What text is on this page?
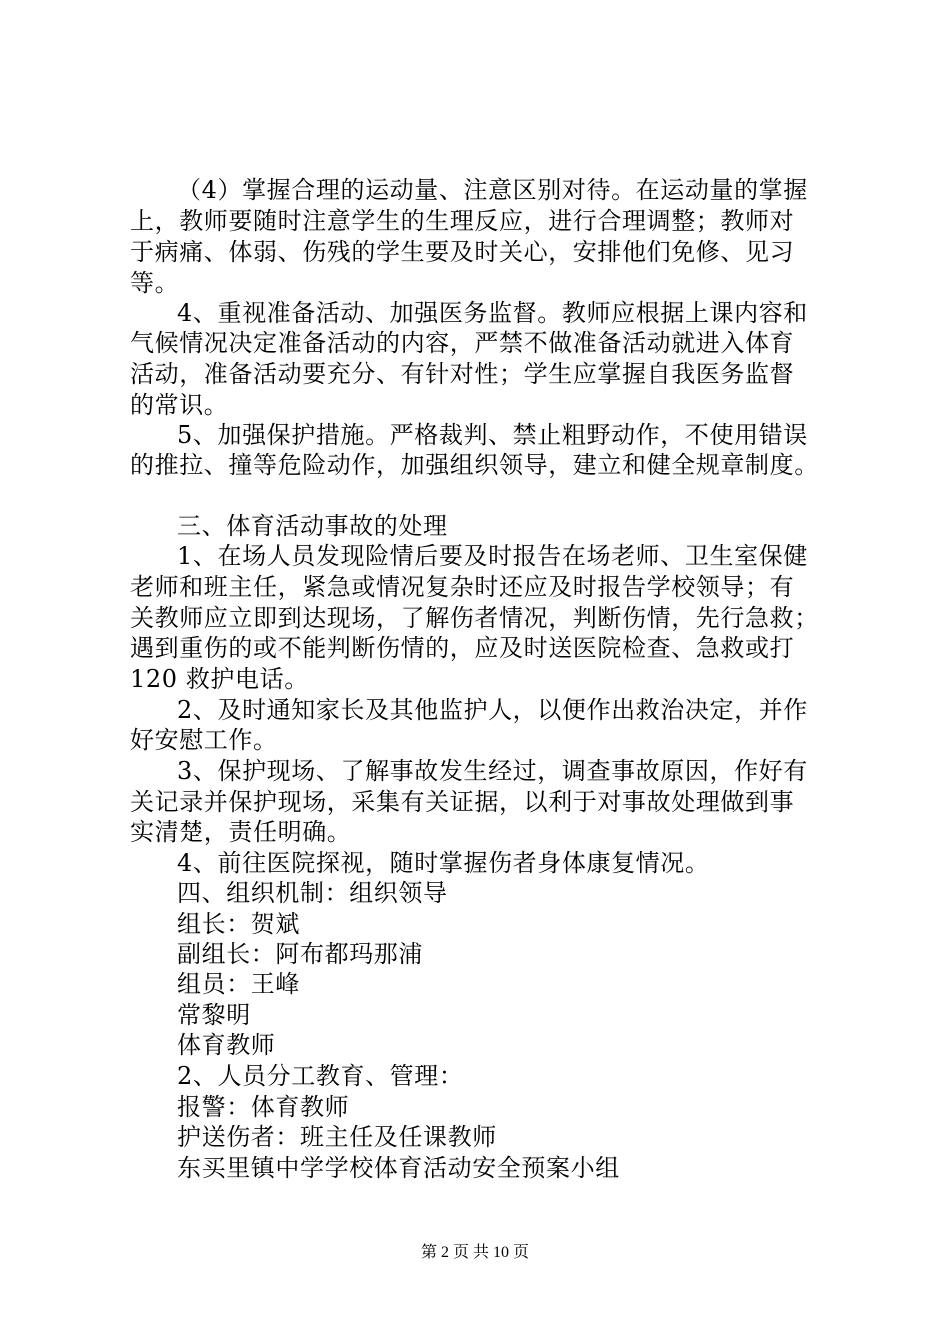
（4）掌握合理的运动量、注意区别对待。在运动量的掌握
上，教师要随时注意学生的生理反应，进行合理调整；教师对
于病痛、体弱、伤残的学生要及时关心，安排他们免修、见习
等。
4、重视准备活动、加强医务监督。教师应根据上课内容和
气候情况决定准备活动的内容，严禁不做准备活动就进入体育
活动，准备活动要充分、有针对性；学生应掌握自我医务监督
的常识。
5、加强保护措施。严格裁判、禁止粗野动作，不使用错误
的推拉、撞等危险动作，加强组织领导，建立和健全规章制度。
三、体育活动事故的处理
1、在场人员发现险情后要及时报告在场老师、卫生室保健
老师和班主任，紧急或情况复杂时还应及时报告学校领导；有
关教师应立即到达现场，了解伤者情况，判断伤情，先行急救；
遇到重伤的或不能判断伤情的，应及时送医院检查、急救或打
120 救护电话。
2、及时通知家长及其他监护人，以便作出救治决定，并作
好安慰工作。
3、保护现场、了解事故发生经过，调查事故原因，作好有
关记录并保护现场，采集有关证据，以利于对事故处理做到事
实清楚，责任明确。
4、前往医院探视，随时掌握伤者身体康复情况。
四、组织机制：组织领导
组长：贺斌
副组长：阿布都玛那浦
组员：王峰
常黎明
体育教师
2、人员分工教育、管理：
报警：体育教师
护送伤者：班主任及任课教师
东买里镇中学学校体育活动安全预案小组
第 2 页 共 10 页
